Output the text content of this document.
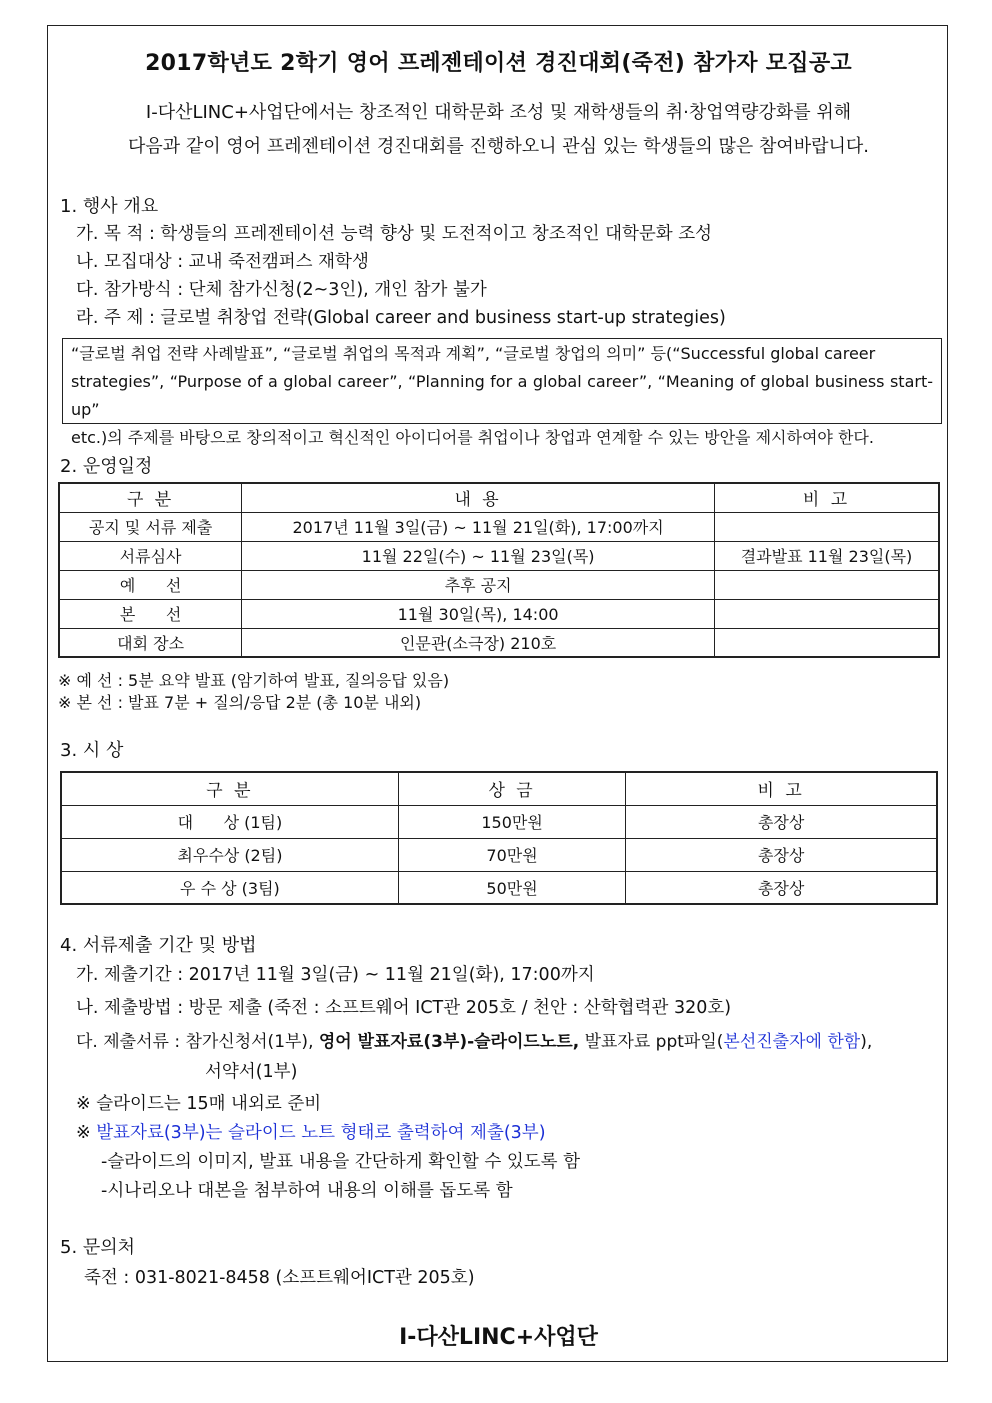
2017학년도 2학기 영어 프레젠테이션 경진대회(죽전) 참가자 모집공고
I-다산LINC+사업단에서는 창조적인 대학문화 조성 및 재학생들의 취·창업역량강화를 위해
다음과 같이 영어 프레젠테이션 경진대회를 진행하오니 관심 있는 학생들의 많은 참여바랍니다.
1. 행사 개요
가. 목 적 : 학생들의 프레젠테이션 능력 향상 및 도전적이고 창조적인 대학문화 조성
나. 모집대상 : 교내 죽전캠퍼스 재학생
다. 참가방식 : 단체 참가신청(2~3인), 개인 참가 불가
라. 주 제 : 글로벌 취창업 전략(Global career and business start-up strategies)
“글로벌 취업 전략 사례발표”, “글로벌 취업의 목적과 계획”, “글로벌 창업의 의미” 등(“Successful global career
strategies”, “Purpose of a global career”, “Planning for a global career”, “Meaning of global business start-up”
etc.)의 주제를 바탕으로 창의적이고 혁신적인 아이디어를 취업이나 창업과 연계할 수 있는 방안을 제시하여야 한다.
2. 운영일정
구 분	내 용	비 고
공지 및 서류 제출	2017년 11월 3일(금) ~ 11월 21일(화), 17:00까지	
서류심사	11월 22일(수) ~ 11월 23일(목)	결과발표 11월 23일(목)
예      선	추후 공지	
본      선	11월 30일(목), 14:00	
대회 장소	인문관(소극장) 210호	
※ 예 선 : 5분 요약 발표 (암기하여 발표, 질의응답 있음)
※ 본 선 : 발표 7분 + 질의/응답 2분 (총 10분 내외)
3. 시 상
구 분	상 금	비 고
대      상 (1팀)	150만원	총장상
최우수상 (2팀)	70만원	총장상
우 수 상 (3팀)	50만원	총장상
4. 서류제출 기간 및 방법
가. 제출기간 : 2017년 11월 3일(금) ~ 11월 21일(화), 17:00까지
나. 제출방법 : 방문 제출 (죽전 : 소프트웨어 ICT관 205호 / 천안 : 산학협력관 320호)
다. 제출서류 : 참가신청서(1부), 영어 발표자료(3부)-슬라이드노트, 발표자료 ppt파일(본선진출자에 한함),
서약서(1부)
※ 슬라이드는 15매 내외로 준비
※ 발표자료(3부)는 슬라이드 노트 형태로 출력하여 제출(3부)
-슬라이드의 이미지, 발표 내용을 간단하게 확인할 수 있도록 함
-시나리오나 대본을 첨부하여 내용의 이해를 돕도록 함
5. 문의처
죽전 : 031-8021-8458 (소프트웨어ICT관 205호)
I-다산LINC+사업단
